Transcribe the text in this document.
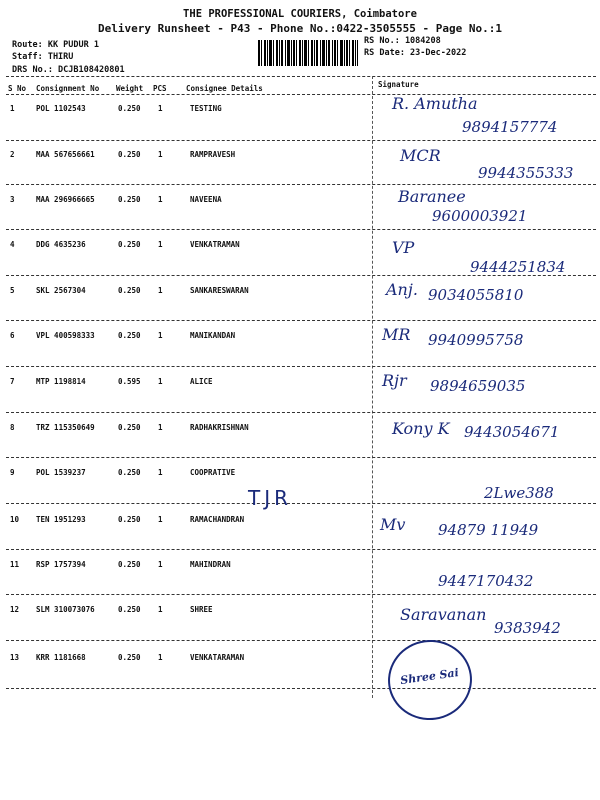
THE PROFESSIONAL COURIERS, Coimbatore
Delivery Runsheet - P43 - Phone No.:0422-3505555 - Page No.:1
Route: KK PUDUR 1
Staff: THIRU
DRS No.: DCJB108420801
RS No.: 1084208
RS Date: 23-Dec-2022
S No Consignment No Weight PCS	Consignee Details	Signature
1	POL 1102543	0.250 1	TESTING	R. Amutha
9894157774
2	MAA 567656661	0.250 1	RAMPRAVESH	MCR
9944355333
3	MAA 296966665	0.250 1	NAVEENA	Baranee
9600003921
4	DDG 4635236	0.250 1	VENKATRAMAN	VP
9444251834
5	SKL 2567304	0.250 1	SANKARESWARAN	Anj. 9034055810
6	VPL 400598333	0.250 1	MANIKANDAN	MR 9940995758
7	MTP 1198814	0.595 1	ALICE	Rjr 9894659035
8	TRZ 115350649	0.250 1	RADHAKRISHNAN	Kony K 9443054671
9	POL 1539237	0.250 1	COOPRATIVE
2Lwe388
10 TEN 1951293	0.250 1	RAMACHANDRAN	Mv 94879 11949
11 RSP 1757394	0.250 1	MAHINDRAN
9447170432
12 SLM 310073076	0.250 1	SHREE	Saravanan
9383942
13 KRR 1181668	0.250 1	VENKATARAMAN
TJR
Shree Sai
